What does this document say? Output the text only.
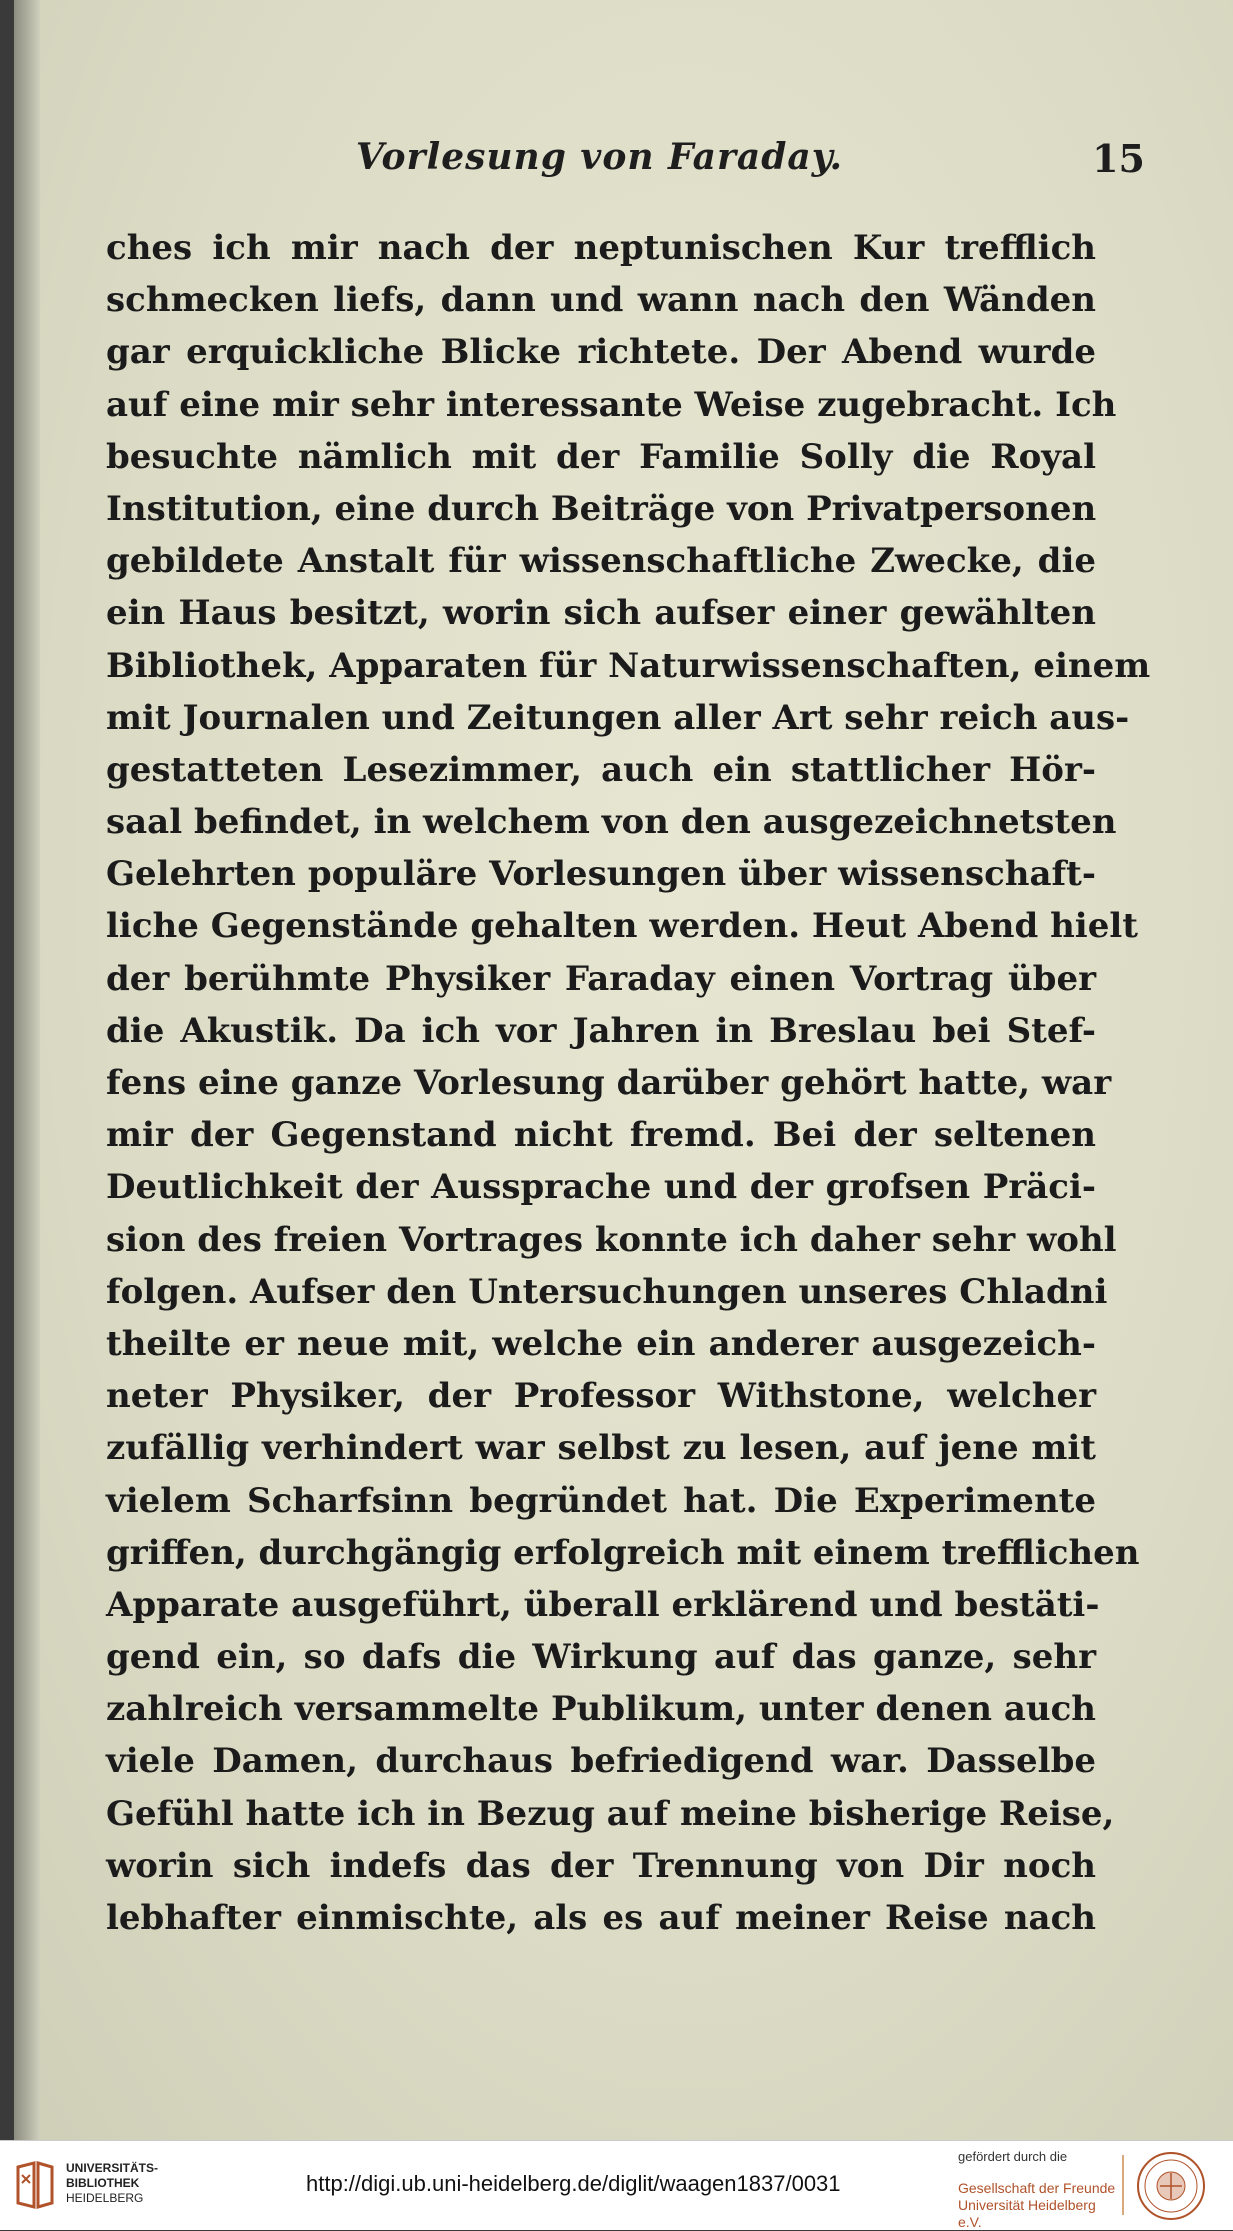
Vorlesung von Faraday.	15
ches ich mir nach der neptunischen Kur trefflich
schmecken liefs, dann und wann nach den Wänden
gar erquickliche Blicke richtete. Der Abend wurde
auf eine mir sehr interessante Weise zugebracht. Ich
besuchte nämlich mit der Familie Solly die Royal
Institution, eine durch Beiträge von Privatpersonen
gebildete Anstalt für wissenschaftliche Zwecke, die
ein Haus besitzt, worin sich aufser einer gewählten
Bibliothek, Apparaten für Naturwissenschaften, einem
mit Journalen und Zeitungen aller Art sehr reich aus-
gestatteten Lesezimmer, auch ein stattlicher Hör-
saal befindet, in welchem von den ausgezeichnetsten
Gelehrten populäre Vorlesungen über wissenschaft-
liche Gegenstände gehalten werden. Heut Abend hielt
der berühmte Physiker Faraday einen Vortrag über
die Akustik. Da ich vor Jahren in Breslau bei Stef-
fens eine ganze Vorlesung darüber gehört hatte, war
mir der Gegenstand nicht fremd. Bei der seltenen
Deutlichkeit der Aussprache und der grofsen Präci-
sion des freien Vortrages konnte ich daher sehr wohl
folgen. Aufser den Untersuchungen unseres Chladni
theilte er neue mit, welche ein anderer ausgezeich-
neter Physiker, der Professor Withstone, welcher
zufällig verhindert war selbst zu lesen, auf jene mit
vielem Scharfsinn begründet hat. Die Experimente
griffen, durchgängig erfolgreich mit einem trefflichen
Apparate ausgeführt, überall erklärend und bestäti-
gend ein, so dafs die Wirkung auf das ganze, sehr
zahlreich versammelte Publikum, unter denen auch
viele Damen, durchaus befriedigend war. Dasselbe
Gefühl hatte ich in Bezug auf meine bisherige Reise,
worin sich indefs das der Trennung von Dir noch
lebhafter einmischte, als es auf meiner Reise nach
UNIVERSITÄTS-
BIBLIOTHEK
HEIDELBERG
http://digi.ub.uni-heidelberg.de/diglit/waagen1837/0031
gefördert durch die
Gesellschaft der Freunde
Universität Heidelberg e.V.
